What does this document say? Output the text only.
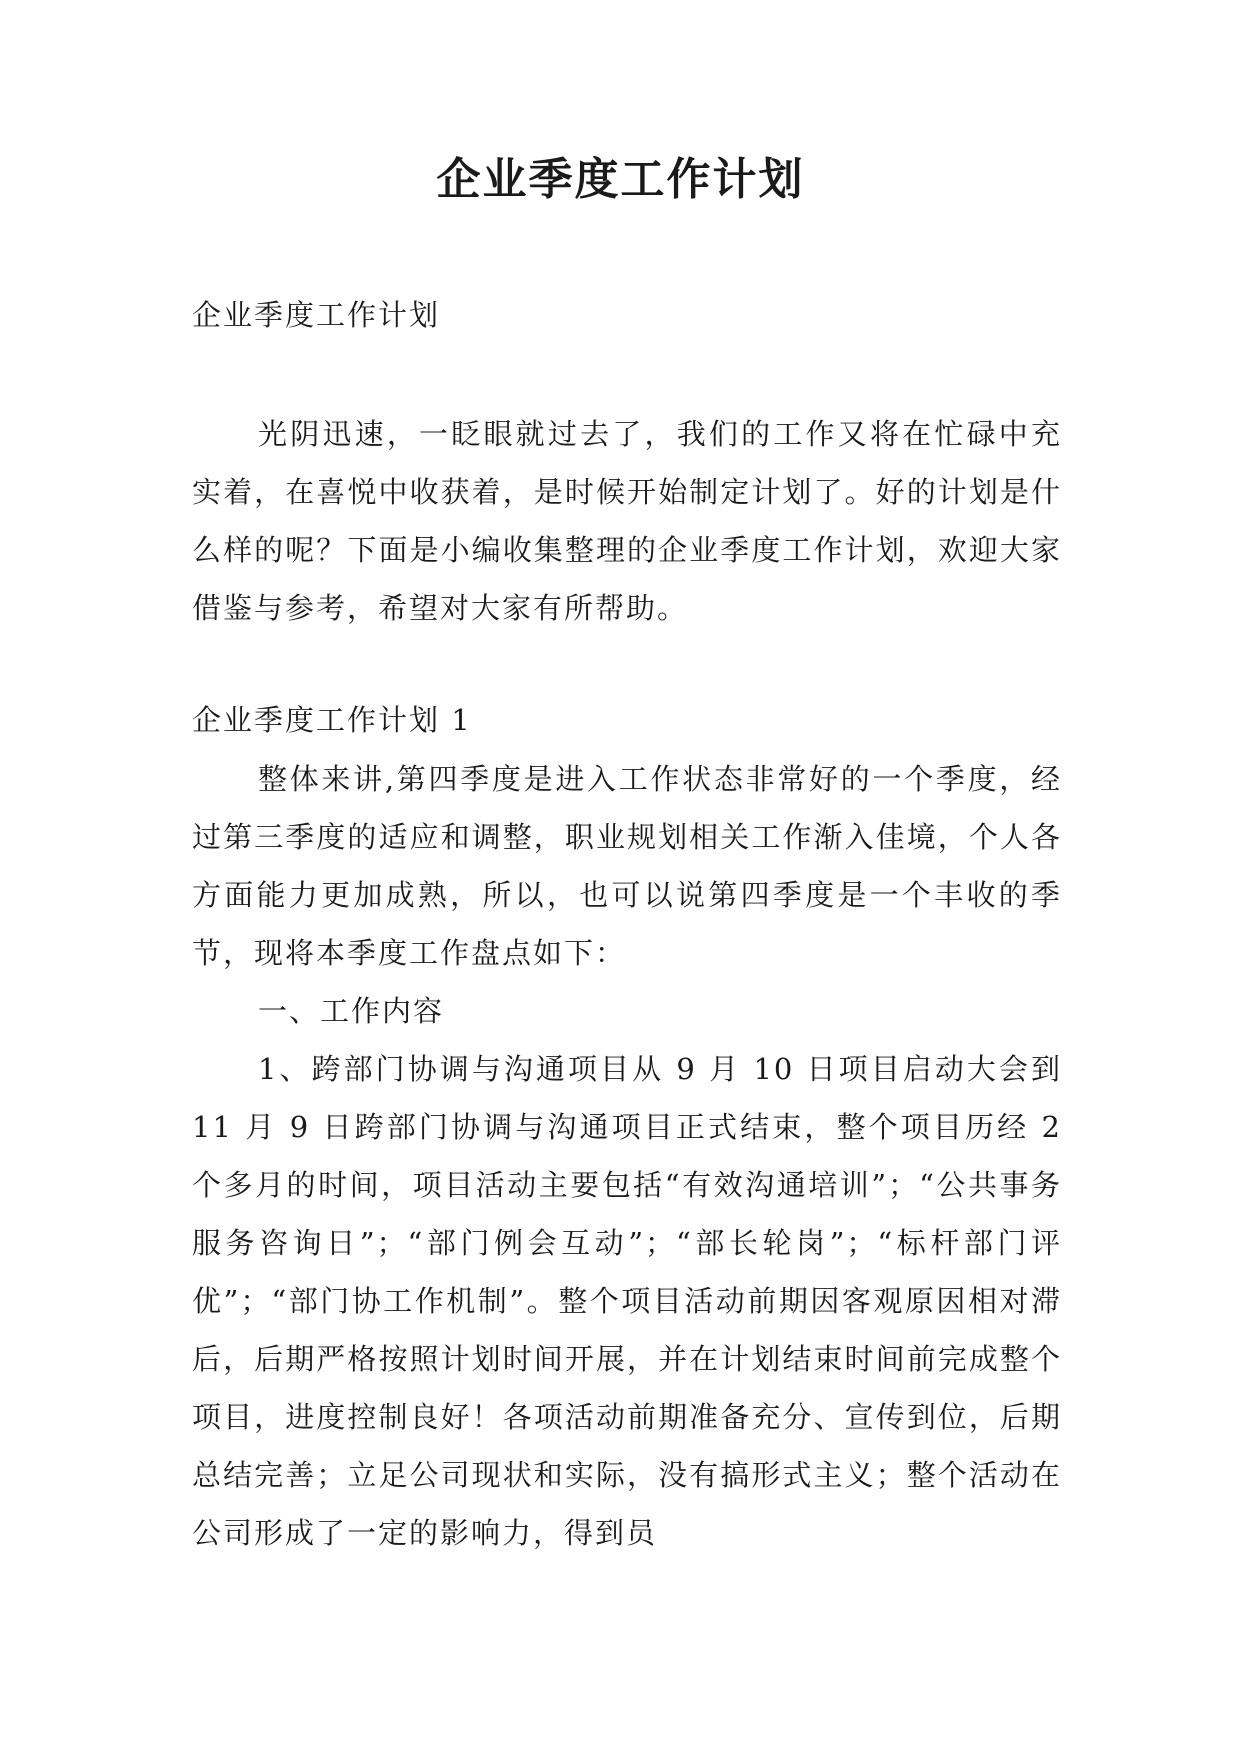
企业季度工作计划
企业季度工作计划
光阴迅速，一眨眼就过去了，我们的工作又将在忙碌中充实着，在喜悦中收获着，是时候开始制定计划了。好的计划是什么样的呢？下面是小编收集整理的企业季度工作计划，欢迎大家借鉴与参考，希望对大家有所帮助。
企业季度工作计划 1

整体来讲,第四季度是进入工作状态非常好的一个季度，经过第三季度的适应和调整，职业规划相关工作渐入佳境，个人各方面能力更加成熟，所以，也可以说第四季度是一个丰收的季节，现将本季度工作盘点如下：

一、工作内容

1、跨部门协调与沟通项目从 9 月 10 日项目启动大会到 11 月 9 日跨部门协调与沟通项目正式结束，整个项目历经 2 个多月的时间，项目活动主要包括“有效沟通培训”；“公共事务服务咨询日”；“部门例会互动”；“部长轮岗”；“标杆部门评优”；“部门协工作机制”。整个项目活动前期因客观原因相对滞后，后期严格按照计划时间开展，并在计划结束时间前完成整个项目，进度控制良好！各项活动前期准备充分、宣传到位，后期总结完善；立足公司现状和实际，没有搞形式主义；整个活动在公司形成了一定的影响力，得到员
